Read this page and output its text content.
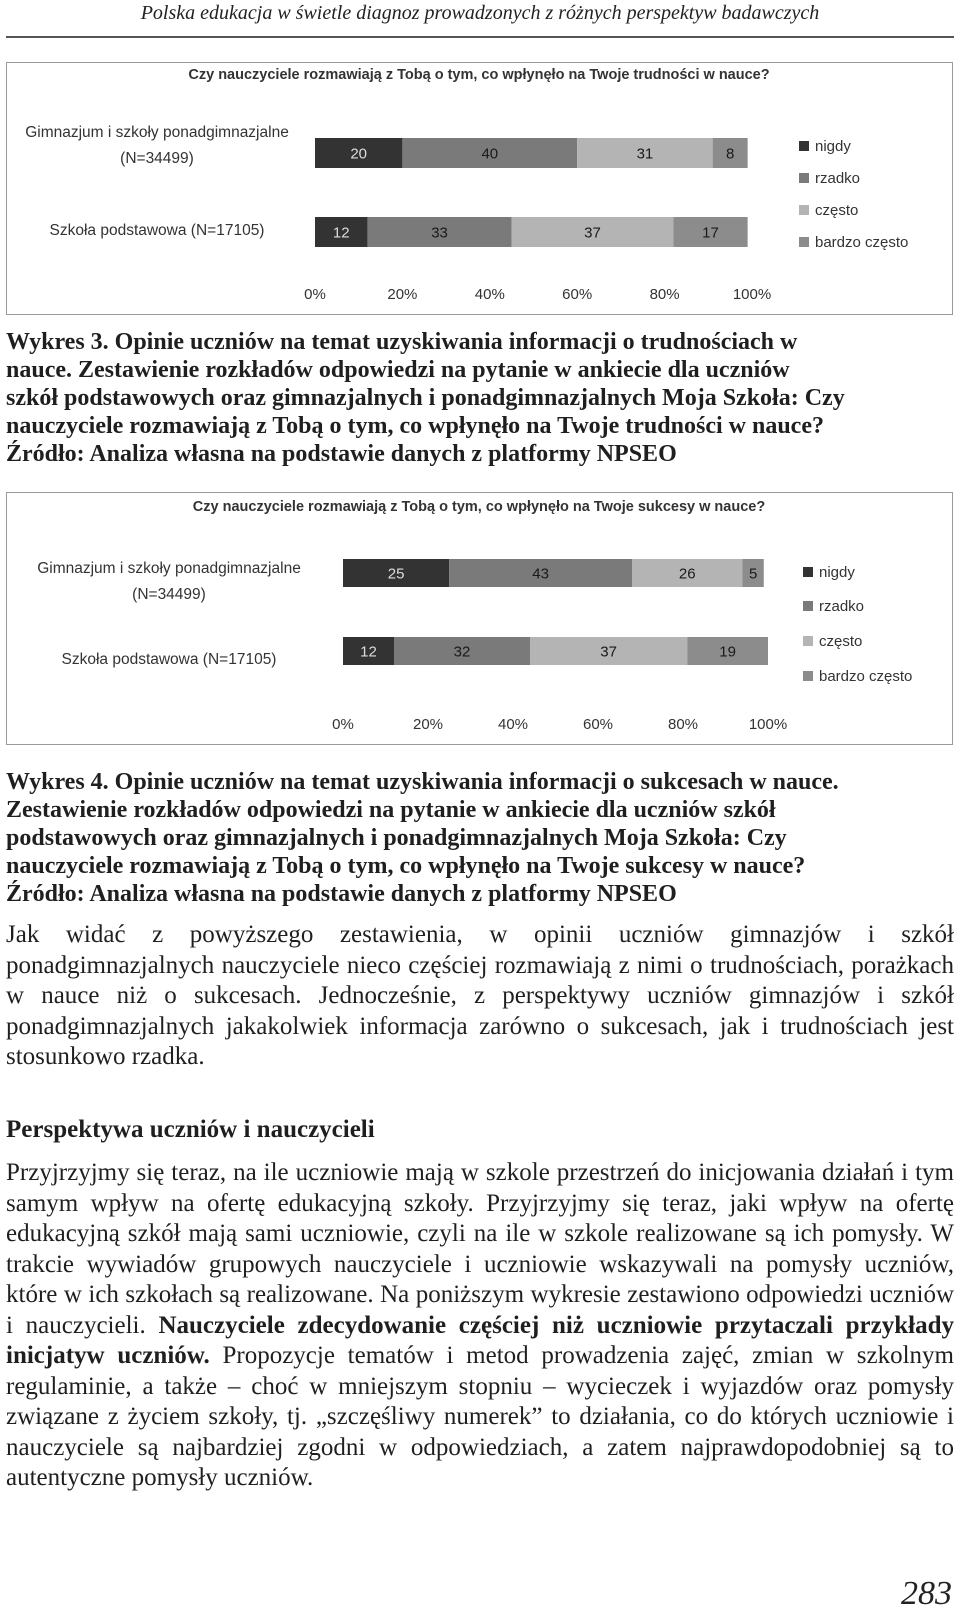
Polska edukacja w świetle diagnoz prowadzonych z różnych perspektyw badawczych
Czy nauczyciele rozmawiają z Tobą o tym, co wpłynęło na Twoje trudności w nauce?
Gimnazjum i szkoły ponadgimnazjalne
(N=34499)
Szkoła podstawowa (N=17105)
20	40	31	8
12	33	37	17
0%	20%	40%	60%	80%	100%
nigdy
rzadko
często
bardzo często
Wykres 3. Opinie uczniów na temat uzyskiwania informacji o trudnościach w
nauce. Zestawienie rozkładów odpowiedzi na pytanie w ankiecie dla uczniów
szkół podstawowych oraz gimnazjalnych i ponadgimnazjalnych Moja Szkoła: Czy
nauczyciele rozmawiają z Tobą o tym, co wpłynęło na Twoje trudności w nauce?
Źródło: Analiza własna na podstawie danych z platformy NPSEO
Czy nauczyciele rozmawiają z Tobą o tym, co wpłynęło na Twoje sukcesy w nauce?
Gimnazjum i szkoły ponadgimnazjalne
(N=34499)
Szkoła podstawowa (N=17105)
25	43	26	5
12	32	37	19
0%	20%	40%	60%	80%	100%
nigdy
rzadko
często
bardzo często
Wykres 4. Opinie uczniów na temat uzyskiwania informacji o sukcesach w nauce.
Zestawienie rozkładów odpowiedzi na pytanie w ankiecie dla uczniów szkół
podstawowych oraz gimnazjalnych i ponadgimnazjalnych Moja Szkoła: Czy
nauczyciele rozmawiają z Tobą o tym, co wpłynęło na Twoje sukcesy w nauce?
Źródło: Analiza własna na podstawie danych z platformy NPSEO

Jak widać z powyższego zestawienia, w opinii uczniów gimnazjów i szkół ponadgimnazjalnych nauczyciele nieco częściej rozmawiają z nimi o trudnościach, porażkach w nauce niż o sukcesach. Jednocześnie, z perspektywy uczniów gimnazjów i szkół ponadgimnazjalnych jakakolwiek informacja zarówno o sukcesach, jak i trudnościach jest stosunkowo rzadka.

Perspektywa uczniów i nauczycieli

Przyjrzyjmy się teraz, na ile uczniowie mają w szkole przestrzeń do inicjowania działań i tym samym wpływ na ofertę edukacyjną szkoły. Przyjrzyjmy się teraz, jaki wpływ na ofertę edukacyjną szkół mają sami uczniowie, czyli na ile w szkole realizowane są ich pomysły. W trakcie wywiadów grupowych nauczyciele i uczniowie wskazywali na pomysły uczniów, które w ich szkołach są realizowane. Na poniższym wykresie zestawiono odpowiedzi uczniów i nauczycieli. Nauczyciele zdecydowanie częściej niż uczniowie przytaczali przykłady inicjatyw uczniów. Propozycje tematów i metod prowadzenia zajęć, zmian w szkolnym regulaminie, a także – choć w mniejszym stopniu – wycieczek i wyjazdów oraz pomysły związane z życiem szkoły, tj. „szczęśliwy numerek” to działania, co do których uczniowie i nauczyciele są najbardziej zgodni w odpowiedziach, a zatem najprawdopodobniej są to autentyczne pomysły uczniów.

283
